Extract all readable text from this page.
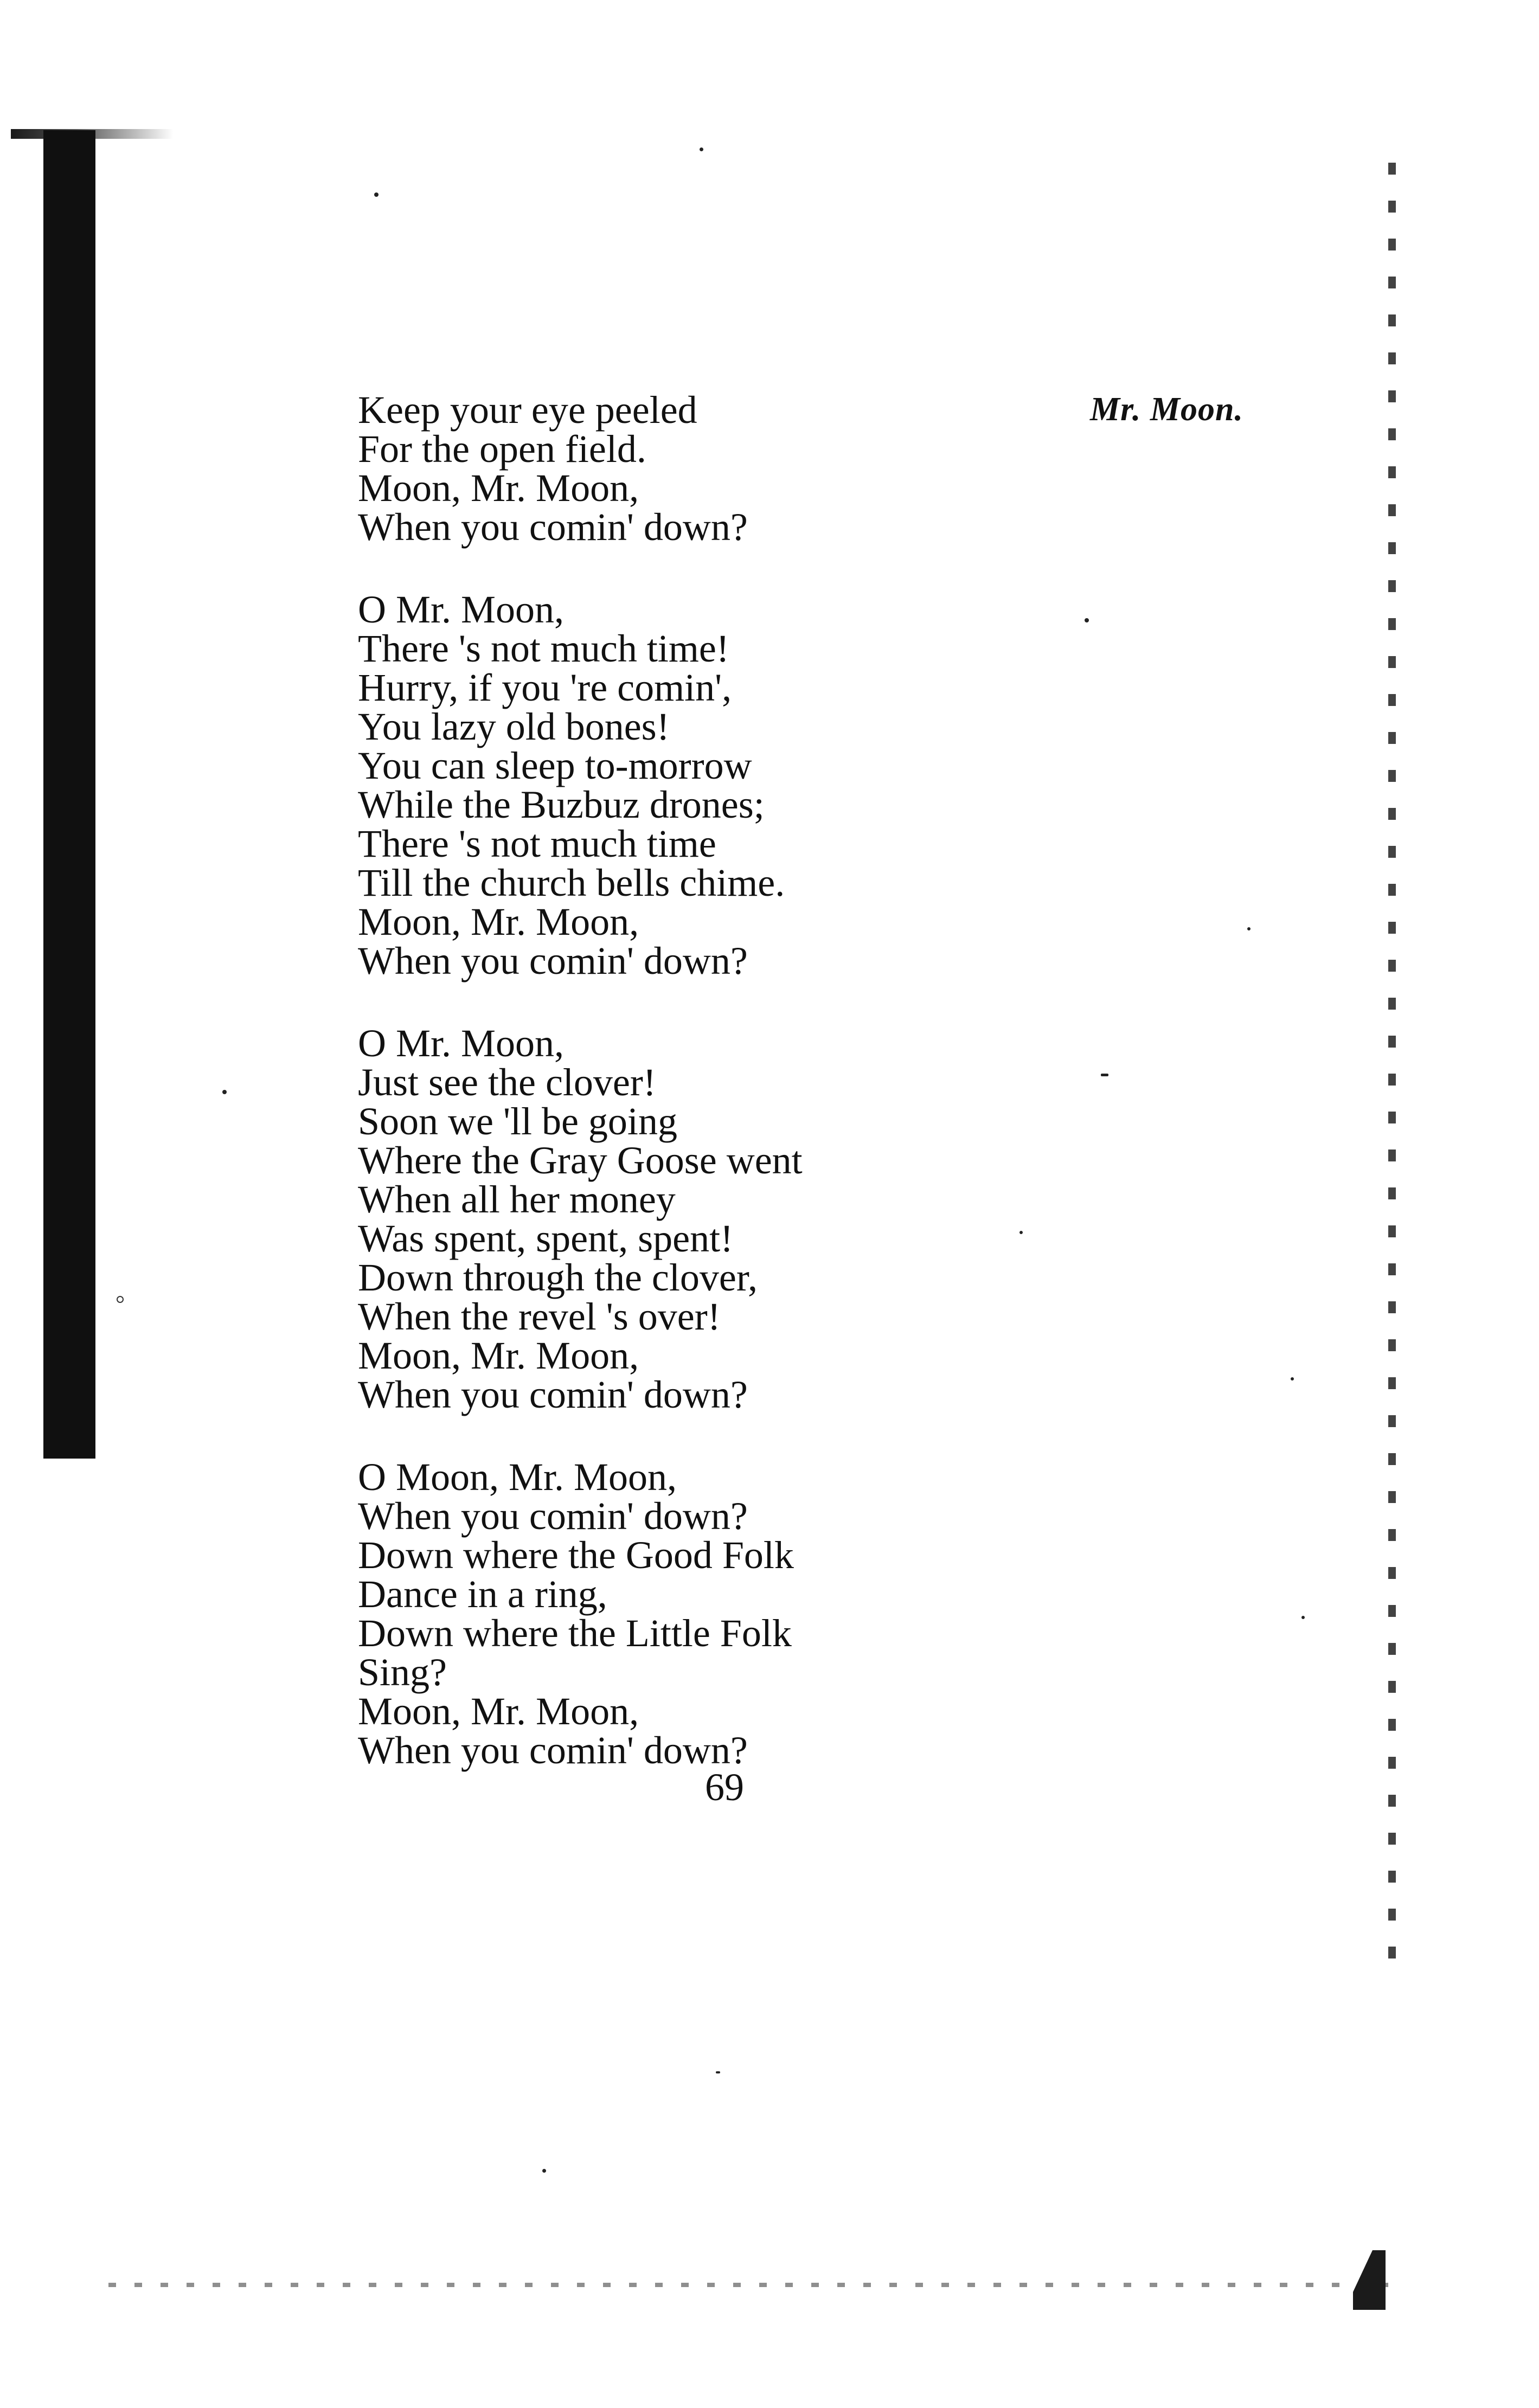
Mr. Moon.
Keep your eye peeled
For the open field.
Moon, Mr. Moon,
When you comin' down?
O Mr. Moon,
There 's not much time!
Hurry, if you 're comin',
You lazy old bones!
You can sleep to-morrow
While the Buzbuz drones;
There 's not much time
Till the church bells chime.
Moon, Mr. Moon,
When you comin' down?
O Mr. Moon,
Just see the clover!
Soon we 'll be going
Where the Gray Goose went
When all her money
Was spent, spent, spent!
Down through the clover,
When the revel 's over!
Moon, Mr. Moon,
When you comin' down?
O Moon, Mr. Moon,
When you comin' down?
Down where the Good Folk
Dance in a ring,
Down where the Little Folk
Sing?
Moon, Mr. Moon,
When you comin' down?
69
